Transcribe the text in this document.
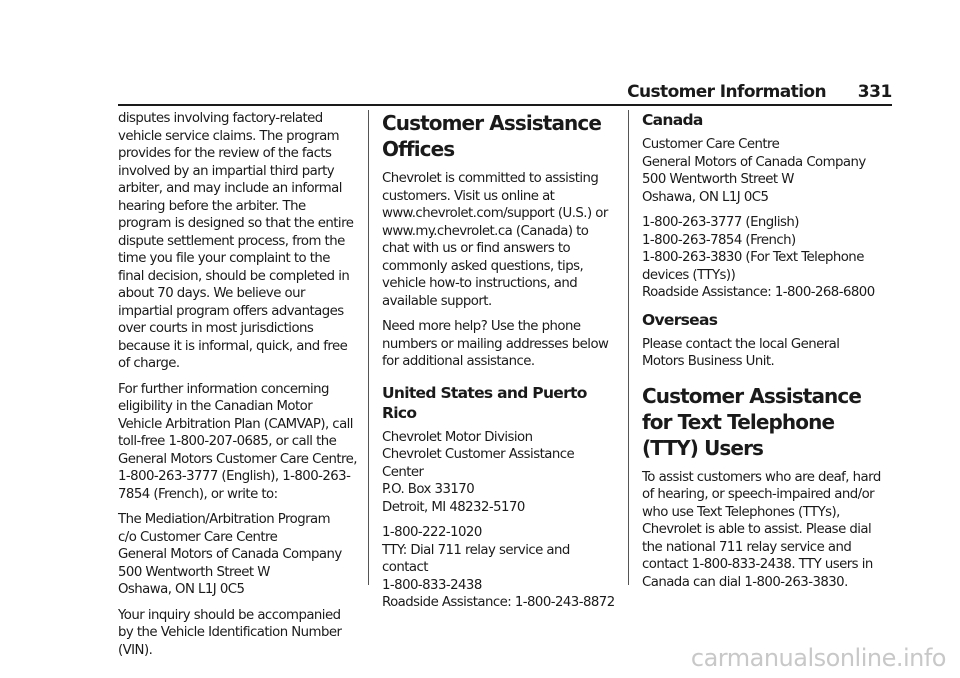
Customer Information 331

disputes involving factory-related vehicle service claims. The program provides for the review of the facts involved by an impartial third party arbiter, and may include an informal hearing before the arbiter. The program is designed so that the entire dispute settlement process, from the time you file your complaint to the final decision, should be completed in about 70 days. We believe our impartial program offers advantages over courts in most jurisdictions because it is informal, quick, and free of charge.

For further information concerning eligibility in the Canadian Motor Vehicle Arbitration Plan (CAMVAP), call toll-free 1-800-207-0685, or call the General Motors Customer Care Centre, 1-800-263-3777 (English), 1-800-263-7854 (French), or write to:

The Mediation/Arbitration Program
c/o Customer Care Centre
General Motors of Canada Company
500 Wentworth Street W
Oshawa, ON L1J 0C5

Your inquiry should be accompanied by the Vehicle Identification Number (VIN).

Customer Assistance Offices

Chevrolet is committed to assisting customers. Visit us online at www.chevrolet.com/support (U.S.) or www.my.chevrolet.ca (Canada) to chat with us or find answers to commonly asked questions, tips, vehicle how-to instructions, and available support.

Need more help? Use the phone numbers or mailing addresses below for additional assistance.

United States and Puerto Rico

Chevrolet Motor Division
Chevrolet Customer Assistance Center
P.O. Box 33170
Detroit, MI 48232-5170

1-800-222-1020
TTY: Dial 711 relay service and contact
1-800-833-2438
Roadside Assistance: 1-800-243-8872

Canada

Customer Care Centre
General Motors of Canada Company
500 Wentworth Street W
Oshawa, ON L1J 0C5

1-800-263-3777 (English)
1-800-263-7854 (French)
1-800-263-3830 (For Text Telephone devices (TTYs))
Roadside Assistance: 1-800-268-6800

Overseas

Please contact the local General Motors Business Unit.

Customer Assistance for Text Telephone (TTY) Users

To assist customers who are deaf, hard of hearing, or speech-impaired and/or who use Text Telephones (TTYs), Chevrolet is able to assist. Please dial the national 711 relay service and contact 1-800-833-2438. TTY users in Canada can dial 1-800-263-3830.

carmanualsonline.info
